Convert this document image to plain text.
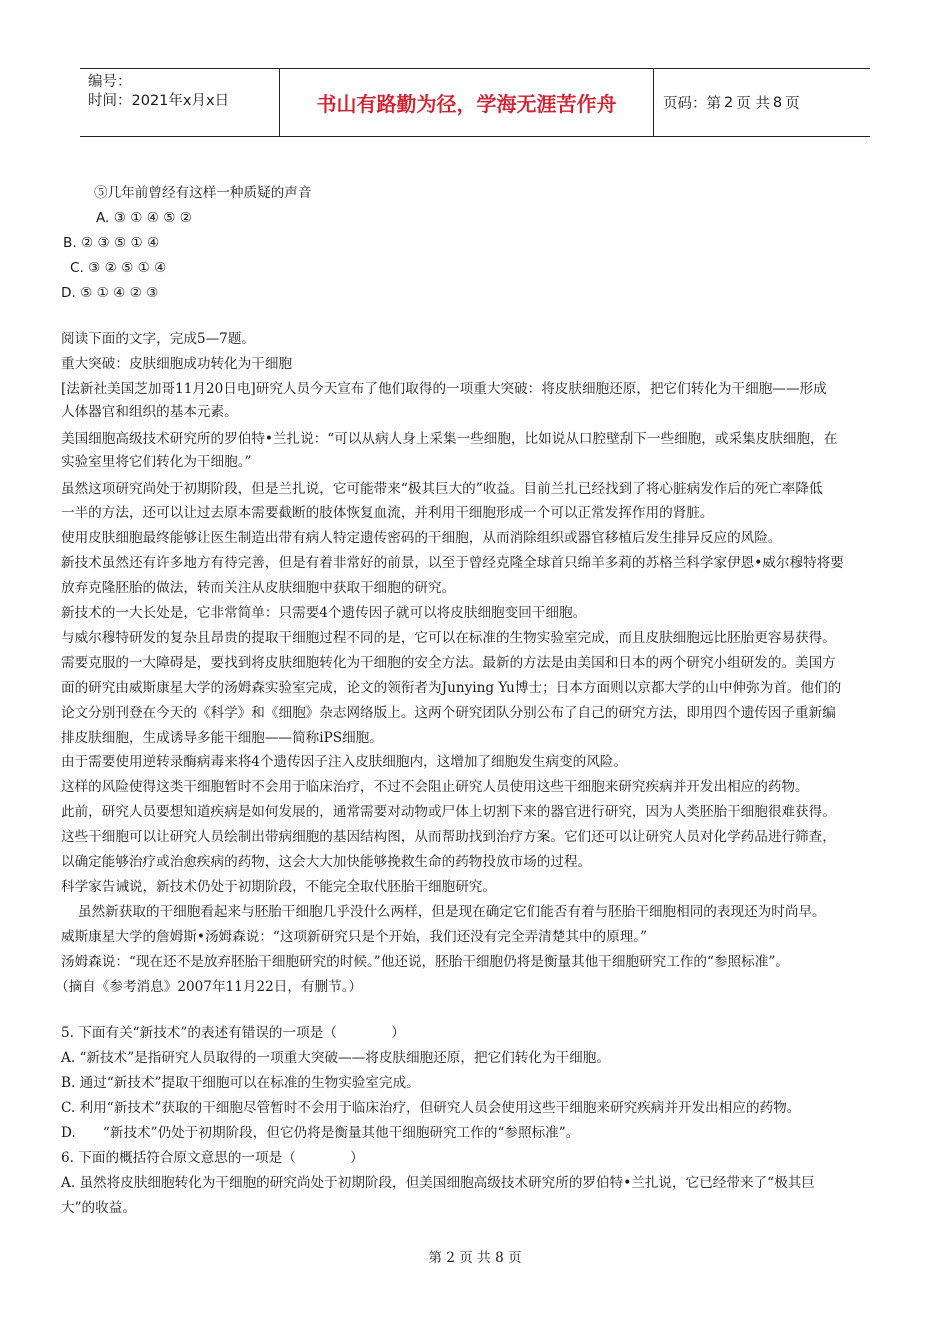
编号：
时间：2021年x月x日	书山有路勤为径，学海无涯苦作舟	页码：第 2 页 共 8 页
⑤几年前曾经有这样一种质疑的声音
A. ③ ① ④ ⑤ ②
B. ② ③ ⑤ ① ④
C. ③ ② ⑤ ① ④
D. ⑤ ① ④ ② ③
阅读下面的文字，完成5—7题。
重大突破：皮肤细胞成功转化为干细胞
[法新社美国芝加哥11月20日电]研究人员今天宣布了他们取得的一项重大突破：将皮肤细胞还原，把它们转化为干细胞——形成
人体器官和组织的基本元素。
美国细胞高级技术研究所的罗伯特•兰扎说：“可以从病人身上采集一些细胞，比如说从口腔壁刮下一些细胞，或采集皮肤细胞，在
实验室里将它们转化为干细胞。”
虽然这项研究尚处于初期阶段，但是兰扎说，它可能带来“极其巨大的”收益。目前兰扎已经找到了将心脏病发作后的死亡率降低
一半的方法，还可以让过去原本需要截断的肢体恢复血流，并利用干细胞形成一个可以正常发挥作用的肾脏。
使用皮肤细胞最终能够让医生制造出带有病人特定遗传密码的干细胞，从而消除组织或器官移植后发生排异反应的风险。
新技术虽然还有许多地方有待完善，但是有着非常好的前景，以至于曾经克隆全球首只绵羊多莉的苏格兰科学家伊恩•威尔穆特将要
放弃克隆胚胎的做法，转而关注从皮肤细胞中获取干细胞的研究。
新技术的一大长处是，它非常简单：只需要4个遗传因子就可以将皮肤细胞变回干细胞。
与威尔穆特研发的复杂且昂贵的提取干细胞过程不同的是，它可以在标准的生物实验室完成，而且皮肤细胞远比胚胎更容易获得。
需要克服的一大障碍是，要找到将皮肤细胞转化为干细胞的安全方法。最新的方法是由美国和日本的两个研究小组研发的。美国方
面的研究由威斯康星大学的汤姆森实验室完成，论文的领衔者为Junying Yu博士；日本方面则以京都大学的山中伸弥为首。他们的
论文分别刊登在今天的《科学》和《细胞》杂志网络版上。这两个研究团队分别公布了自己的研究方法，即用四个遗传因子重新编
排皮肤细胞，生成诱导多能干细胞——简称iPS细胞。
由于需要使用逆转录酶病毒来将4个遗传因子注入皮肤细胞内，这增加了细胞发生病变的风险。
这样的风险使得这类干细胞暂时不会用于临床治疗，不过不会阻止研究人员使用这些干细胞来研究疾病并开发出相应的药物。
此前，研究人员要想知道疾病是如何发展的，通常需要对动物或尸体上切割下来的器官进行研究，因为人类胚胎干细胞很难获得。
这些干细胞可以让研究人员绘制出带病细胞的基因结构图，从而帮助找到治疗方案。它们还可以让研究人员对化学药品进行筛查，
以确定能够治疗或治愈疾病的药物，这会大大加快能够挽救生命的药物投放市场的过程。
科学家告诫说，新技术仍处于初期阶段，不能完全取代胚胎干细胞研究。
虽然新获取的干细胞看起来与胚胎干细胞几乎没什么两样，但是现在确定它们能否有着与胚胎干细胞相同的表现还为时尚早。
威斯康星大学的詹姆斯•汤姆森说：“这项新研究只是个开始，我们还没有完全弄清楚其中的原理。”
汤姆森说：“现在还不是放弃胚胎干细胞研究的时候。”他还说，胚胎干细胞仍将是衡量其他干细胞研究工作的“参照标准”。
（摘自《参考消息》2007年11月22日，有删节。）
5. 下面有关“新技术”的表述有错误的一项是（　　　　）
A. “新技术”是指研究人员取得的一项重大突破——将皮肤细胞还原，把它们转化为干细胞。
B. 通过“新技术”提取干细胞可以在标准的生物实验室完成。
C. 利用“新技术”获取的干细胞尽管暂时不会用于临床治疗，但研究人员会使用这些干细胞来研究疾病并开发出相应的药物。
D.　　“新技术”仍处于初期阶段，但它仍将是衡量其他干细胞研究工作的“参照标准”。
6. 下面的概括符合原文意思的一项是（　　　　）
A. 虽然将皮肤细胞转化为干细胞的研究尚处于初期阶段，但美国细胞高级技术研究所的罗伯特•兰扎说，它已经带来了“极其巨
大”的收益。
第 2 页 共 8 页
